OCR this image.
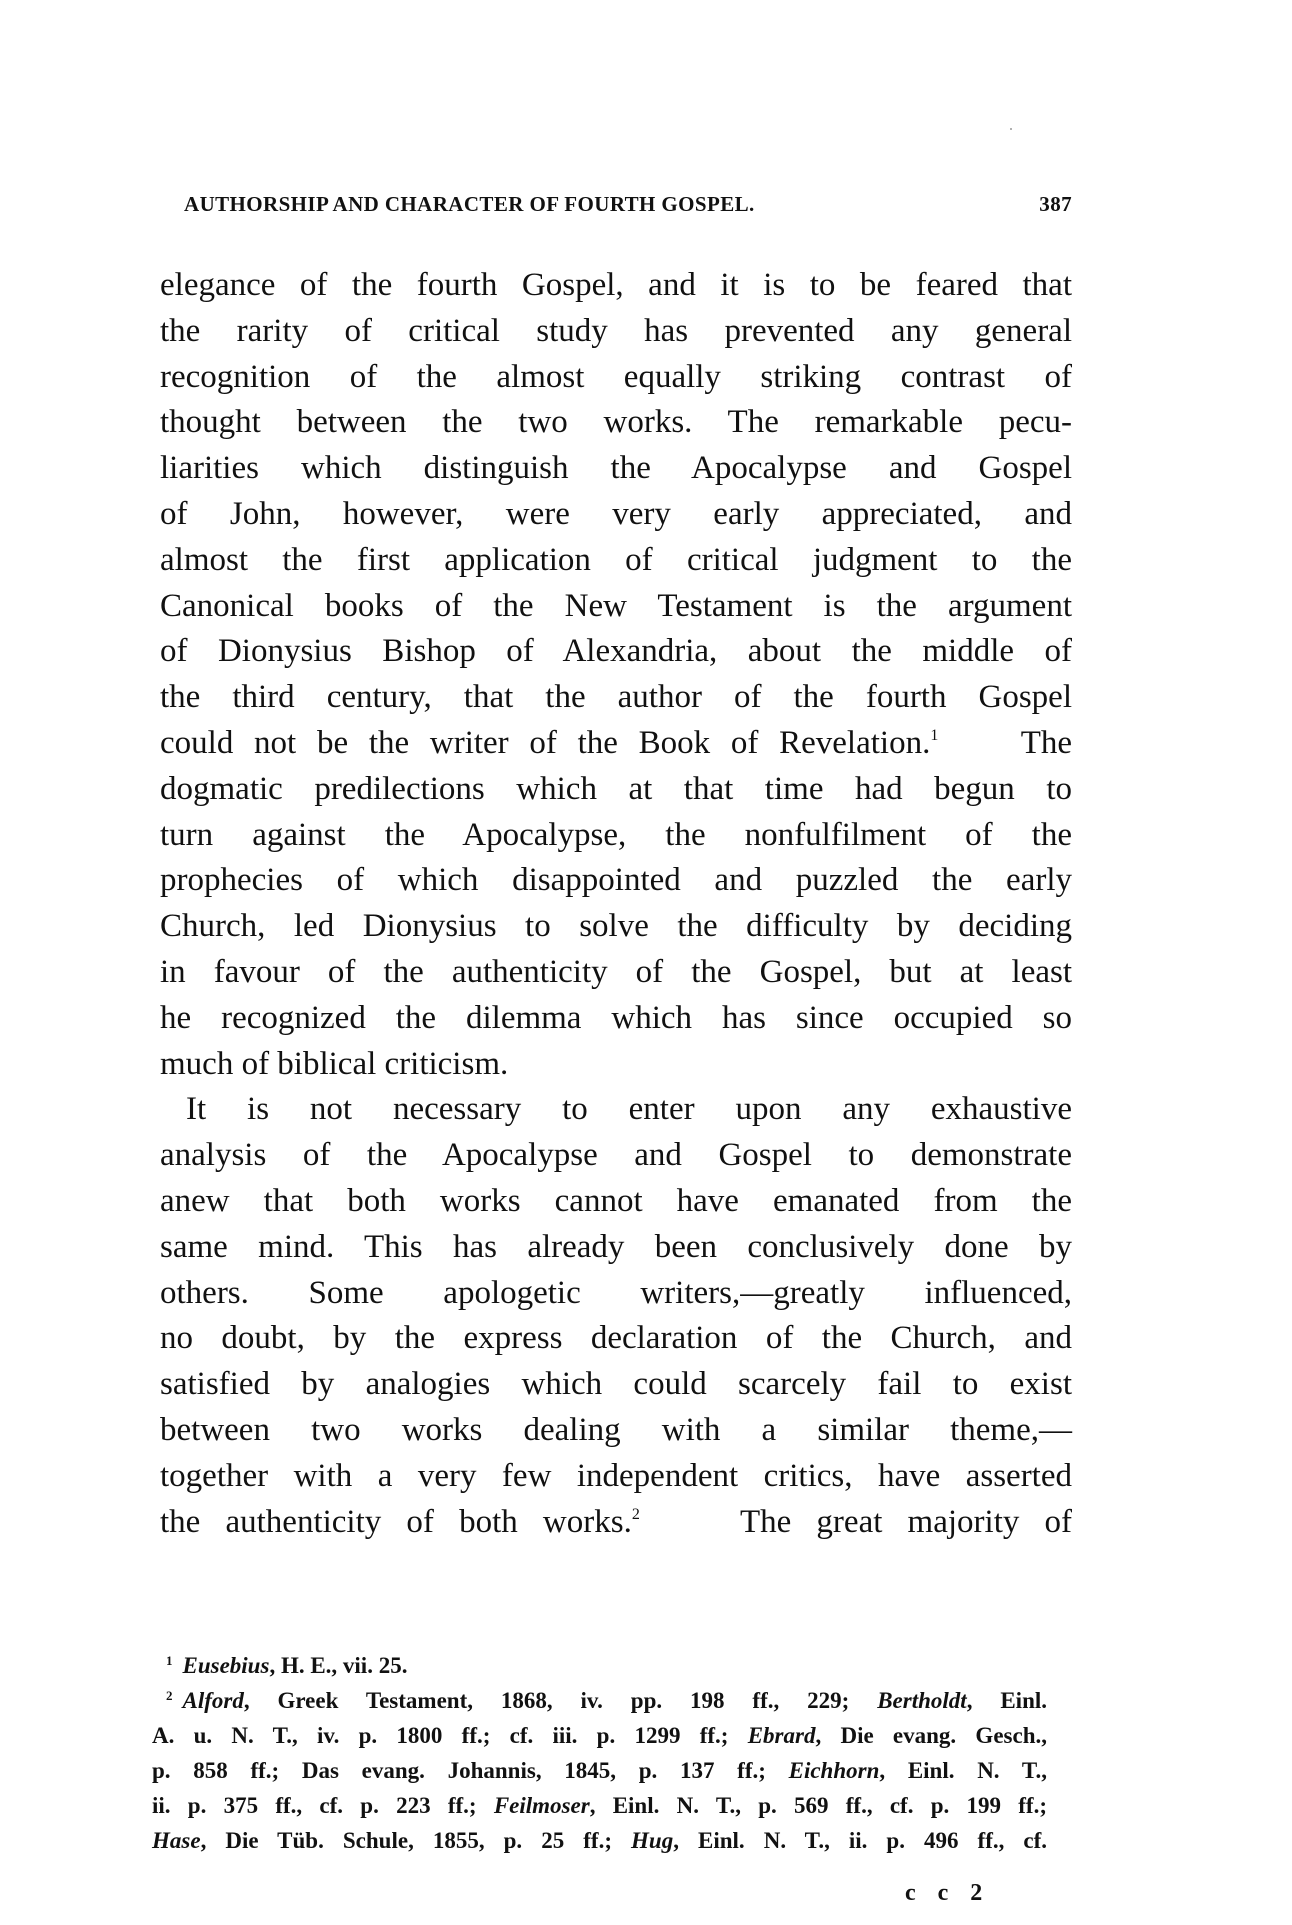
AUTHORSHIP AND CHARACTER OF FOURTH GOSPEL.	387
elegance of the fourth Gospel, and it is to be feared that
the rarity of critical study has prevented any general
recognition of the almost equally striking contrast of
thought between the two works. The remarkable pecu-
liarities which distinguish the Apocalypse and Gospel
of John, however, were very early appreciated, and
almost the first application of critical judgment to the
Canonical books of the New Testament is the argument
of Dionysius Bishop of Alexandria, about the middle of
the third century, that the author of the fourth Gospel
could not be the writer of the Book of Revelation.$^1$ The
dogmatic predilections which at that time had begun to
turn against the Apocalypse, the nonfulfilment of the
prophecies of which disappointed and puzzled the early
Church, led Dionysius to solve the difficulty by deciding
in favour of the authenticity of the Gospel, but at least
he recognized the dilemma which has since occupied so
much of biblical criticism.
It is not necessary to enter upon any exhaustive
analysis of the Apocalypse and Gospel to demonstrate
anew that both works cannot have emanated from the
same mind. This has already been conclusively done by
others. Some apologetic writers,—greatly influenced,
no doubt, by the express declaration of the Church, and
satisfied by analogies which could scarcely fail to exist
between two works dealing with a similar theme,—
together with a very few independent critics, have asserted
the authenticity of both works.$^2$	The great majority of
$^1$ Eusebius, H. E., vii. 25.
$^2$ Alford, Greek Testament, 1868, iv. pp. 198 ff., 229; Bertholdt, Einl.
A. u. N. T., iv. p. 1800 ff.; cf. iii. p. 1299 ff.; Ebrard, Die evang. Gesch.,
p. 858 ff.; Das evang. Johannis, 1845, p. 137 ff.; Eichhorn, Einl. N. T.,
ii. p. 375 ff., cf. p. 223 ff.; Feilmoser, Einl. N. T., p. 569 ff., cf. p. 199 ff.;
Hase, Die Tüb. Schule, 1855, p. 25 ff.; Hug, Einl. N. T., ii. p. 496 ff., cf.
c c 2
